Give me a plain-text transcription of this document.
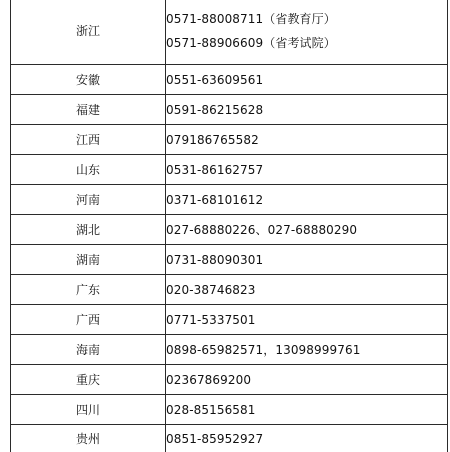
浙江	0571-88008711（省教育厅）
0571-88906609（省考试院）

安徽	0551-63609561
福建	0591-86215628
江西	079186765582
山东	0531-86162757
河南	0371-68101612
湖北	027-68880226、027-68880290
湖南	0731-88090301
广东	020-38746823
广西	0771-5337501
海南	0898-65982571，13098999761
重庆	02367869200
四川	028-85156581
贵州	0851-85952927
